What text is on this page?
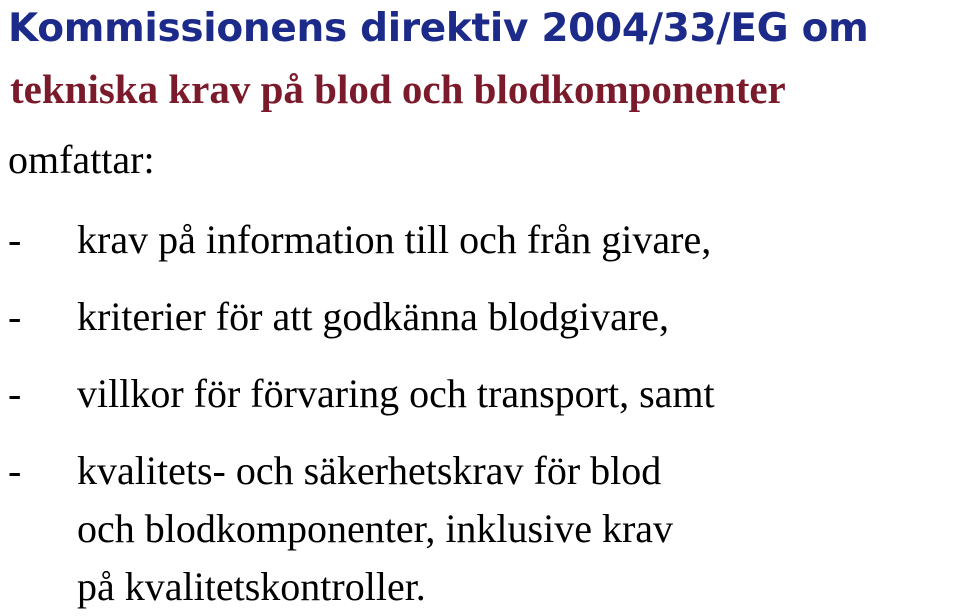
Kommissionens direktiv 2004/33/EG om
tekniska krav på blod och blodkomponenter
omfattar:
- krav på information till och från givare,
- kriterier för att godkänna blodgivare,
- villkor för förvaring och transport, samt
- kvalitets- och säkerhetskrav för blod
och blodkomponenter, inklusive krav
på kvalitetskontroller.
